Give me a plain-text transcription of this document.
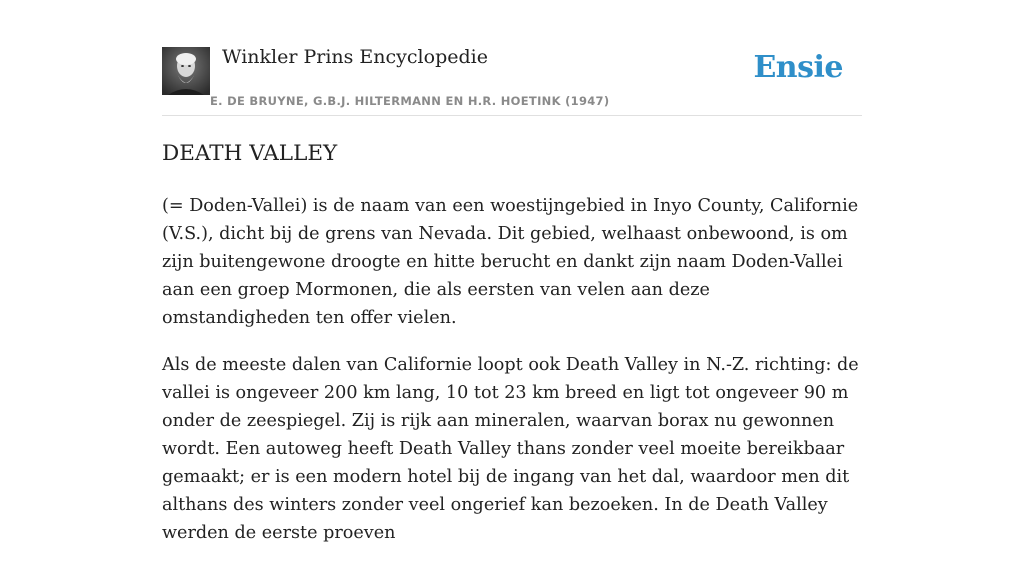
Winkler Prins Encyclopedie
E. DE BRUYNE, G.B.J. HILTERMANN EN H.R. HOETINK (1947)
Ensie
DEATH VALLEY

(= Doden-Vallei) is de naam van een woestijngebied in Inyo County, Californie (V.S.), dicht bij de grens van Nevada. Dit gebied, welhaast onbewoond, is om zijn buitengewone droogte en hitte berucht en dankt zijn naam Doden-Vallei aan een groep Mormonen, die als eersten van velen aan deze omstandigheden ten offer vielen.

Als de meeste dalen van Californie loopt ook Death Valley in N.-Z. richting: de vallei is ongeveer 200 km lang, 10 tot 23 km breed en ligt tot ongeveer 90 m onder de zeespiegel. Zij is rijk aan mineralen, waarvan borax nu gewonnen wordt. Een autoweg heeft Death Valley thans zonder veel moeite bereikbaar gemaakt; er is een modern hotel bij de ingang van het dal, waardoor men dit althans des winters zonder veel ongerief kan bezoeken. In de Death Valley werden de eerste proeven
